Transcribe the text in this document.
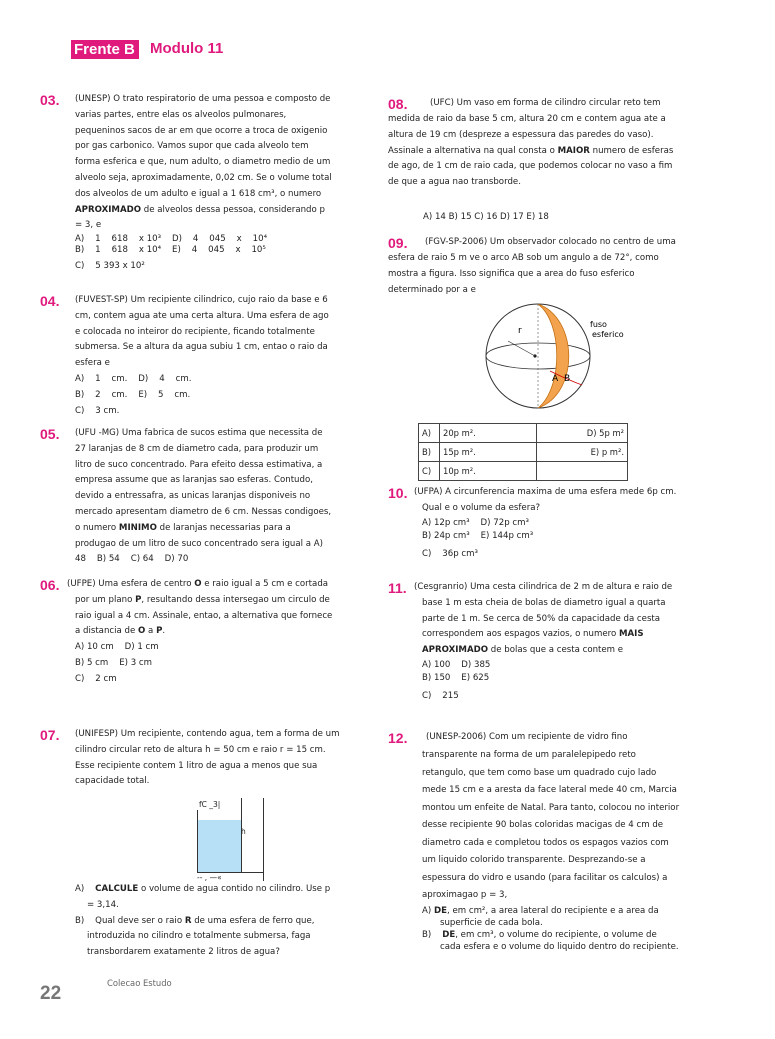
Frente B Modulo 11
03. (UNESP) O trato respiratorio de uma pessoa e composto de
varias partes, entre elas os alveolos pulmonares,
pequeninos sacos de ar em que ocorre a troca de oxigenio
por gas carbonico. Vamos supor que cada alveolo tem
forma esferica e que, num adulto, o diametro medio de um
alveolo seja, aproximadamente, 0,02 cm. Se o volume total
dos alveolos de um adulto e igual a 1 618 cm³, o numero
APROXIMADO de alveolos dessa pessoa, considerando p
= 3, e
A)    1    618    x 10³    D)    4    045    x    10⁴
B)    1    618    x 10⁴    E)    4    045    x    10⁵
C)    5 393 x 10²
04. (FUVEST-SP) Um recipiente cilindrico, cujo raio da base e 6
cm, contem agua ate uma certa altura. Uma esfera de ago
e colocada no inteiror do recipiente, ficando totalmente
submersa. Se a altura da agua subiu 1 cm, entao o raio da
esfera e
A)    1    cm.    D)    4    cm.
B)    2    cm.    E)    5    cm.
C)    3 cm.
05. (UFU -MG) Uma fabrica de sucos estima que necessita de
27 laranjas de 8 cm de diametro cada, para produzir um
litro de suco concentrado. Para efeito dessa estimativa, a
empresa assume que as laranjas sao esferas. Contudo,
devido a entressafra, as unicas laranjas disponiveis no
mercado apresentam diametro de 6 cm. Nessas condigoes,
o numero MINIMO de laranjas necessarias para a
produgao de um litro de suco concentrado sera igual a A)
48    B) 54    C) 64    D) 70
06. (UFPE) Uma esfera de centro O e raio igual a 5 cm e cortada
por um plano P, resultando dessa intersegao um circulo de
raio igual a 4 cm. Assinale, entao, a alternativa que fornece
a distancia de O a P.
A) 10 cm    D) 1 cm
B) 5 cm    E) 3 cm
C)    2 cm
07. (UNIFESP) Um recipiente, contendo agua, tem a forma de um
cilindro circular reto de altura h = 50 cm e raio r = 15 cm.
Esse recipiente contem 1 litro de agua a menos que sua
capacidade total.
fC _3|
h
-- , —«
A) CALCULE o volume de agua contido no cilindro. Use p
= 3,14.
B)    Qual deve ser o raio R de uma esfera de ferro que,
introduzida no cilindro e totalmente submersa, faga
transbordarem exatamente 2 litros de agua?
08.	(UFC) Um vaso em forma de cilindro circular reto tem
medida de raio da base 5 cm, altura 20 cm e contem agua ate a
altura de 19 cm (despreze a espessura das paredes do vaso).
Assinale a alternativa na qual consta o MAIOR numero de esferas
de ago, de 1 cm de raio cada, que podemos colocar no vaso a fim
de que a agua nao transborde.
A) 14 B) 15 C) 16 D) 17 E) 18
09. (FGV-SP-2006) Um observador colocado no centro de uma
esfera de raio 5 m ve o arco AB sob um angulo a de 72°, como
mostra a figura. Isso significa que a area do fuso esferico
determinado por a e
r
A B
fuso
esferico
A)	20p m².	D) 5p m²
B)	15p m².	E) p m².
C)	10p m².	
10. (UFPA) A circunferencia maxima de uma esfera mede 6p cm.
Qual e o volume da esfera?
A) 12p cm³    D) 72p cm³
B) 24p cm³    E) 144p cm³
C)    36p cm³
11. (Cesgranrio) Uma cesta cilindrica de 2 m de altura e raio de
base 1 m esta cheia de bolas de diametro igual a quarta
parte de 1 m. Se cerca de 50% da capacidade da cesta
correspondem aos espagos vazios, o numero MAIS
APROXIMADO de bolas que a cesta contem e
A) 100    D) 385
B) 150    E) 625
C)    215
12. (UNESP-2006) Com um recipiente de vidro fino
transparente na forma de um paralelepipedo reto
retangulo, que tem como base um quadrado cujo lado
mede 15 cm e a aresta da face lateral mede 40 cm, Marcia
montou um enfeite de Natal. Para tanto, colocou no interior
desse recipiente 90 bolas coloridas macigas de 4 cm de
diametro cada e completou todos os espagos vazios com
um liquido colorido transparente. Desprezando-se a
espessura do vidro e usando (para facilitar os calculos) a
aproximagao p = 3,
A) DE, em cm², a area lateral do recipiente e a area da
superficie de cada bola.
B) DE, em cm³, o volume do recipiente, o volume de
cada esfera e o volume do liquido dentro do recipiente.
22	Colecao Estudo
